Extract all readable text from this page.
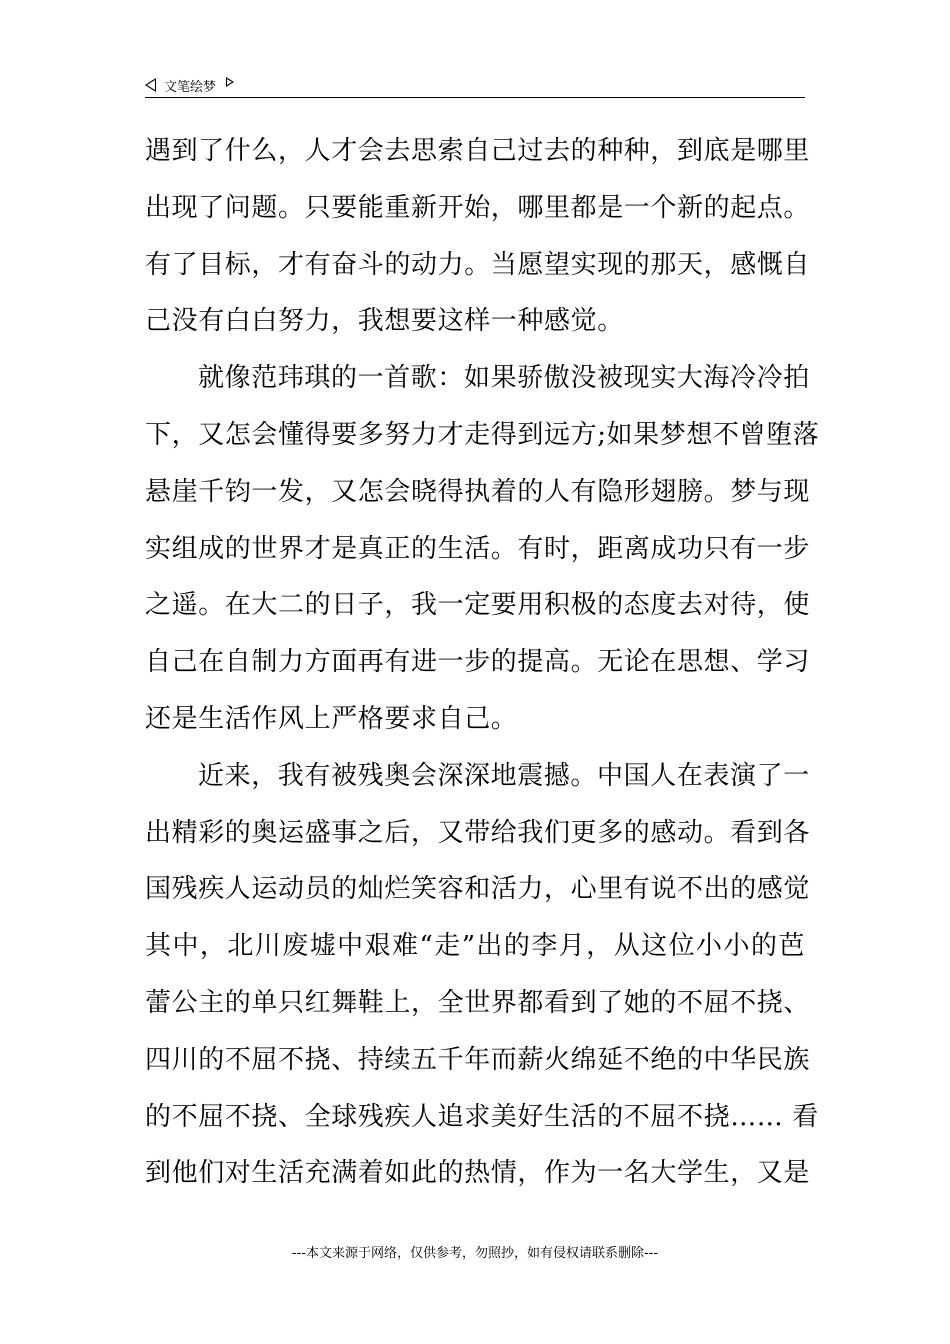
文笔绘梦
遇到了什么，人才会去思索自己过去的种种，到底是哪里
出现了问题。只要能重新开始，哪里都是一个新的起点。
有了目标，才有奋斗的动力。当愿望实现的那天，感慨自
己没有白白努力，我想要这样一种感觉。
就像范玮琪的一首歌：如果骄傲没被现实大海冷冷拍
下，又怎会懂得要多努力才走得到远方;如果梦想不曾堕落
悬崖千钧一发，又怎会晓得执着的人有隐形翅膀。梦与现
实组成的世界才是真正的生活。有时，距离成功只有一步
之遥。在大二的日子，我一定要用积极的态度去对待，使
自己在自制力方面再有进一步的提高。无论在思想、学习
还是生活作风上严格要求自己。
近来，我有被残奥会深深地震撼。中国人在表演了一
出精彩的奥运盛事之后，又带给我们更多的感动。看到各
国残疾人运动员的灿烂笑容和活力，心里有说不出的感觉
其中，北川废墟中艰难“走”出的李月，从这位小小的芭
蕾公主的单只红舞鞋上，全世界都看到了她的不屈不挠、
四川的不屈不挠、持续五千年而薪火绵延不绝的中华民族
的不屈不挠、全球残疾人追求美好生活的不屈不挠…… 看
到他们对生活充满着如此的热情，作为一名大学生，又是
---本文来源于网络，仅供参考，勿照抄，如有侵权请联系删除---
